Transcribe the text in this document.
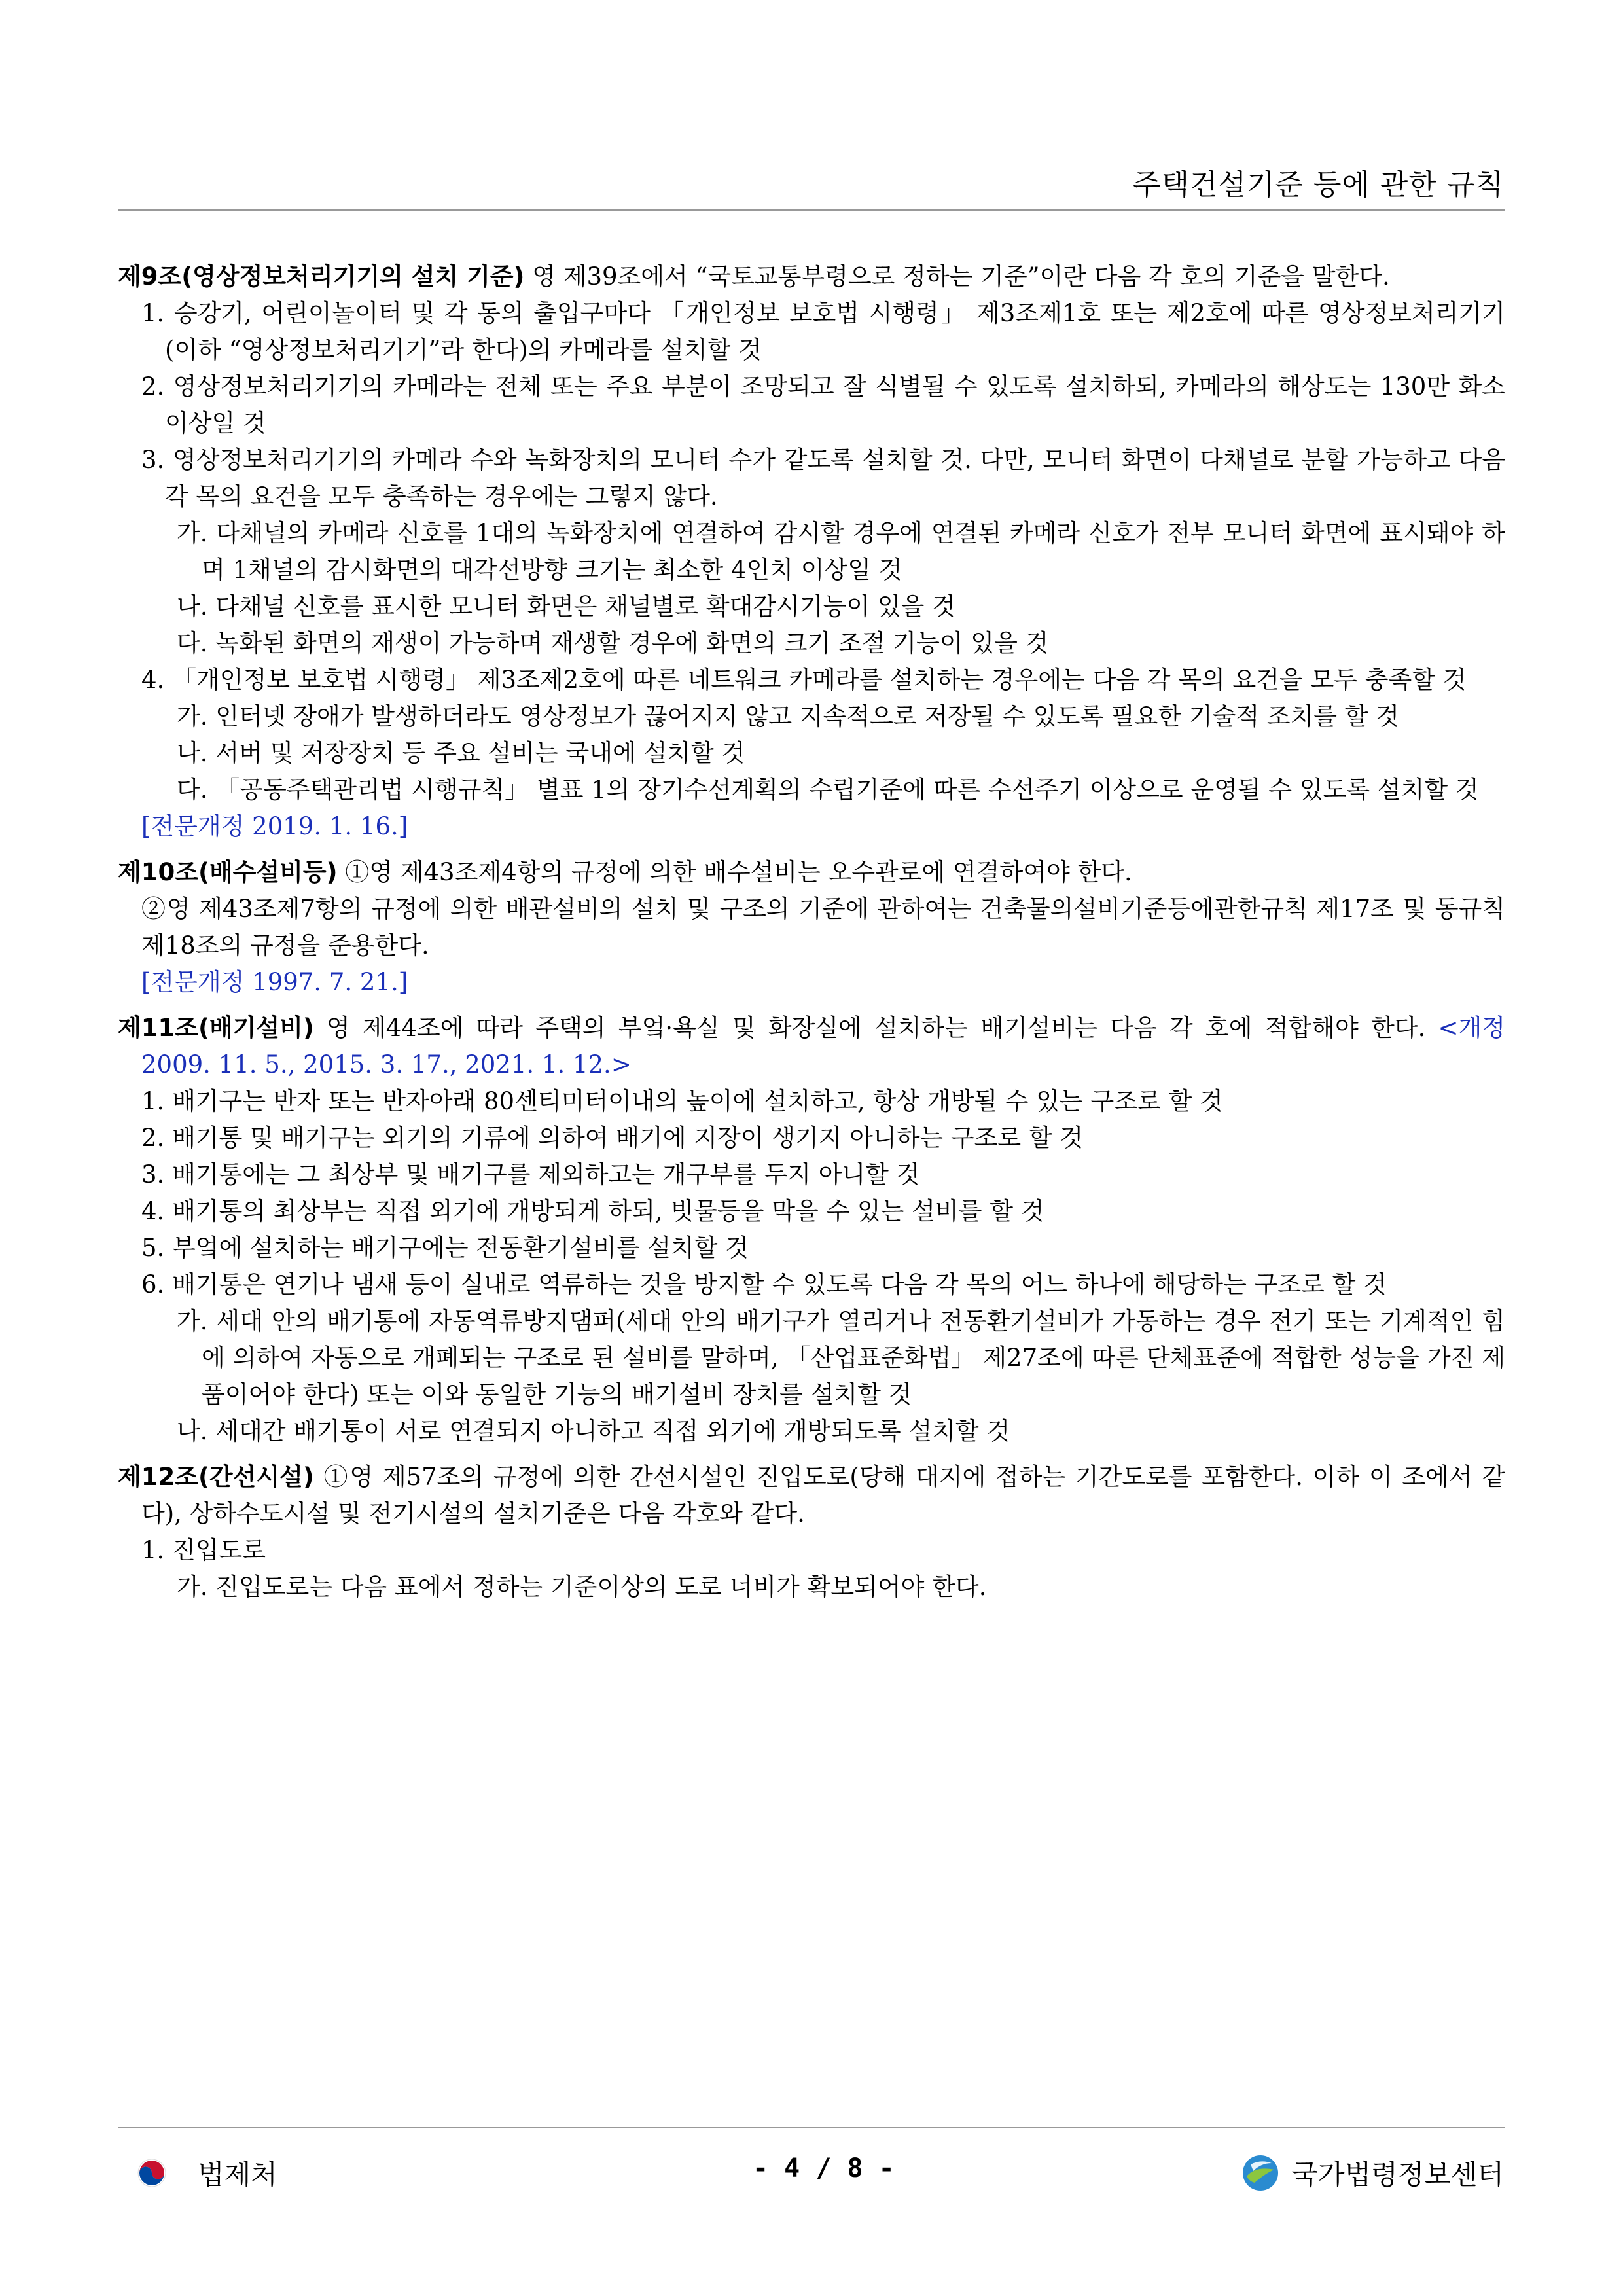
주택건설기준 등에 관한 규칙

제9조(영상정보처리기기의 설치 기준) 영 제39조에서 “국토교통부령으로 정하는 기준”이란 다음 각 호의 기준을 말한다.

1. 승강기, 어린이놀이터 및 각 동의 출입구마다 「개인정보 보호법 시행령」 제3조제1호 또는 제2호에 따른 영상정보처리기기(이하 “영상정보처리기기”라 한다)의 카메라를 설치할 것

2. 영상정보처리기기의 카메라는 전체 또는 주요 부분이 조망되고 잘 식별될 수 있도록 설치하되, 카메라의 해상도는 130만 화소 이상일 것

3. 영상정보처리기기의 카메라 수와 녹화장치의 모니터 수가 같도록 설치할 것. 다만, 모니터 화면이 다채널로 분할 가능하고 다음 각 목의 요건을 모두 충족하는 경우에는 그렇지 않다.

가. 다채널의 카메라 신호를 1대의 녹화장치에 연결하여 감시할 경우에 연결된 카메라 신호가 전부 모니터 화면에 표시돼야 하며 1채널의 감시화면의 대각선방향 크기는 최소한 4인치 이상일 것

나. 다채널 신호를 표시한 모니터 화면은 채널별로 확대감시기능이 있을 것

다. 녹화된 화면의 재생이 가능하며 재생할 경우에 화면의 크기 조절 기능이 있을 것

4. 「개인정보 보호법 시행령」 제3조제2호에 따른 네트워크 카메라를 설치하는 경우에는 다음 각 목의 요건을 모두 충족할 것

가. 인터넷 장애가 발생하더라도 영상정보가 끊어지지 않고 지속적으로 저장될 수 있도록 필요한 기술적 조치를 할 것

나. 서버 및 저장장치 등 주요 설비는 국내에 설치할 것

다. 「공동주택관리법 시행규칙」 별표 1의 장기수선계획의 수립기준에 따른 수선주기 이상으로 운영될 수 있도록 설치할 것

[전문개정 2019. 1. 16.]

제10조(배수설비등) ①영 제43조제4항의 규정에 의한 배수설비는 오수관로에 연결하여야 한다.

②영 제43조제7항의 규정에 의한 배관설비의 설치 및 구조의 기준에 관하여는 건축물의설비기준등에관한규칙 제17조 및 동규칙 제18조의 규정을 준용한다.

[전문개정 1997. 7. 21.]

제11조(배기설비) 영 제44조에 따라 주택의 부엌·욕실 및 화장실에 설치하는 배기설비는 다음 각 호에 적합해야 한다. <개정 2009. 11. 5., 2015. 3. 17., 2021. 1. 12.>

1. 배기구는 반자 또는 반자아래 80센티미터이내의 높이에 설치하고, 항상 개방될 수 있는 구조로 할 것

2. 배기통 및 배기구는 외기의 기류에 의하여 배기에 지장이 생기지 아니하는 구조로 할 것

3. 배기통에는 그 최상부 및 배기구를 제외하고는 개구부를 두지 아니할 것

4. 배기통의 최상부는 직접 외기에 개방되게 하되, 빗물등을 막을 수 있는 설비를 할 것

5. 부엌에 설치하는 배기구에는 전동환기설비를 설치할 것

6. 배기통은 연기나 냄새 등이 실내로 역류하는 것을 방지할 수 있도록 다음 각 목의 어느 하나에 해당하는 구조로 할 것

가. 세대 안의 배기통에 자동역류방지댐퍼(세대 안의 배기구가 열리거나 전동환기설비가 가동하는 경우 전기 또는 기계적인 힘에 의하여 자동으로 개폐되는 구조로 된 설비를 말하며, 「산업표준화법」 제27조에 따른 단체표준에 적합한 성능을 가진 제품이어야 한다) 또는 이와 동일한 기능의 배기설비 장치를 설치할 것

나. 세대간 배기통이 서로 연결되지 아니하고 직접 외기에 개방되도록 설치할 것

제12조(간선시설) ①영 제57조의 규정에 의한 간선시설인 진입도로(당해 대지에 접하는 기간도로를 포함한다. 이하 이 조에서 같다), 상하수도시설 및 전기시설의 설치기준은 다음 각호와 같다.

1. 진입도로

가. 진입도로는 다음 표에서 정하는 기준이상의 도로 너비가 확보되어야 한다.

법제처	- 4 / 8 -	국가법령정보센터
